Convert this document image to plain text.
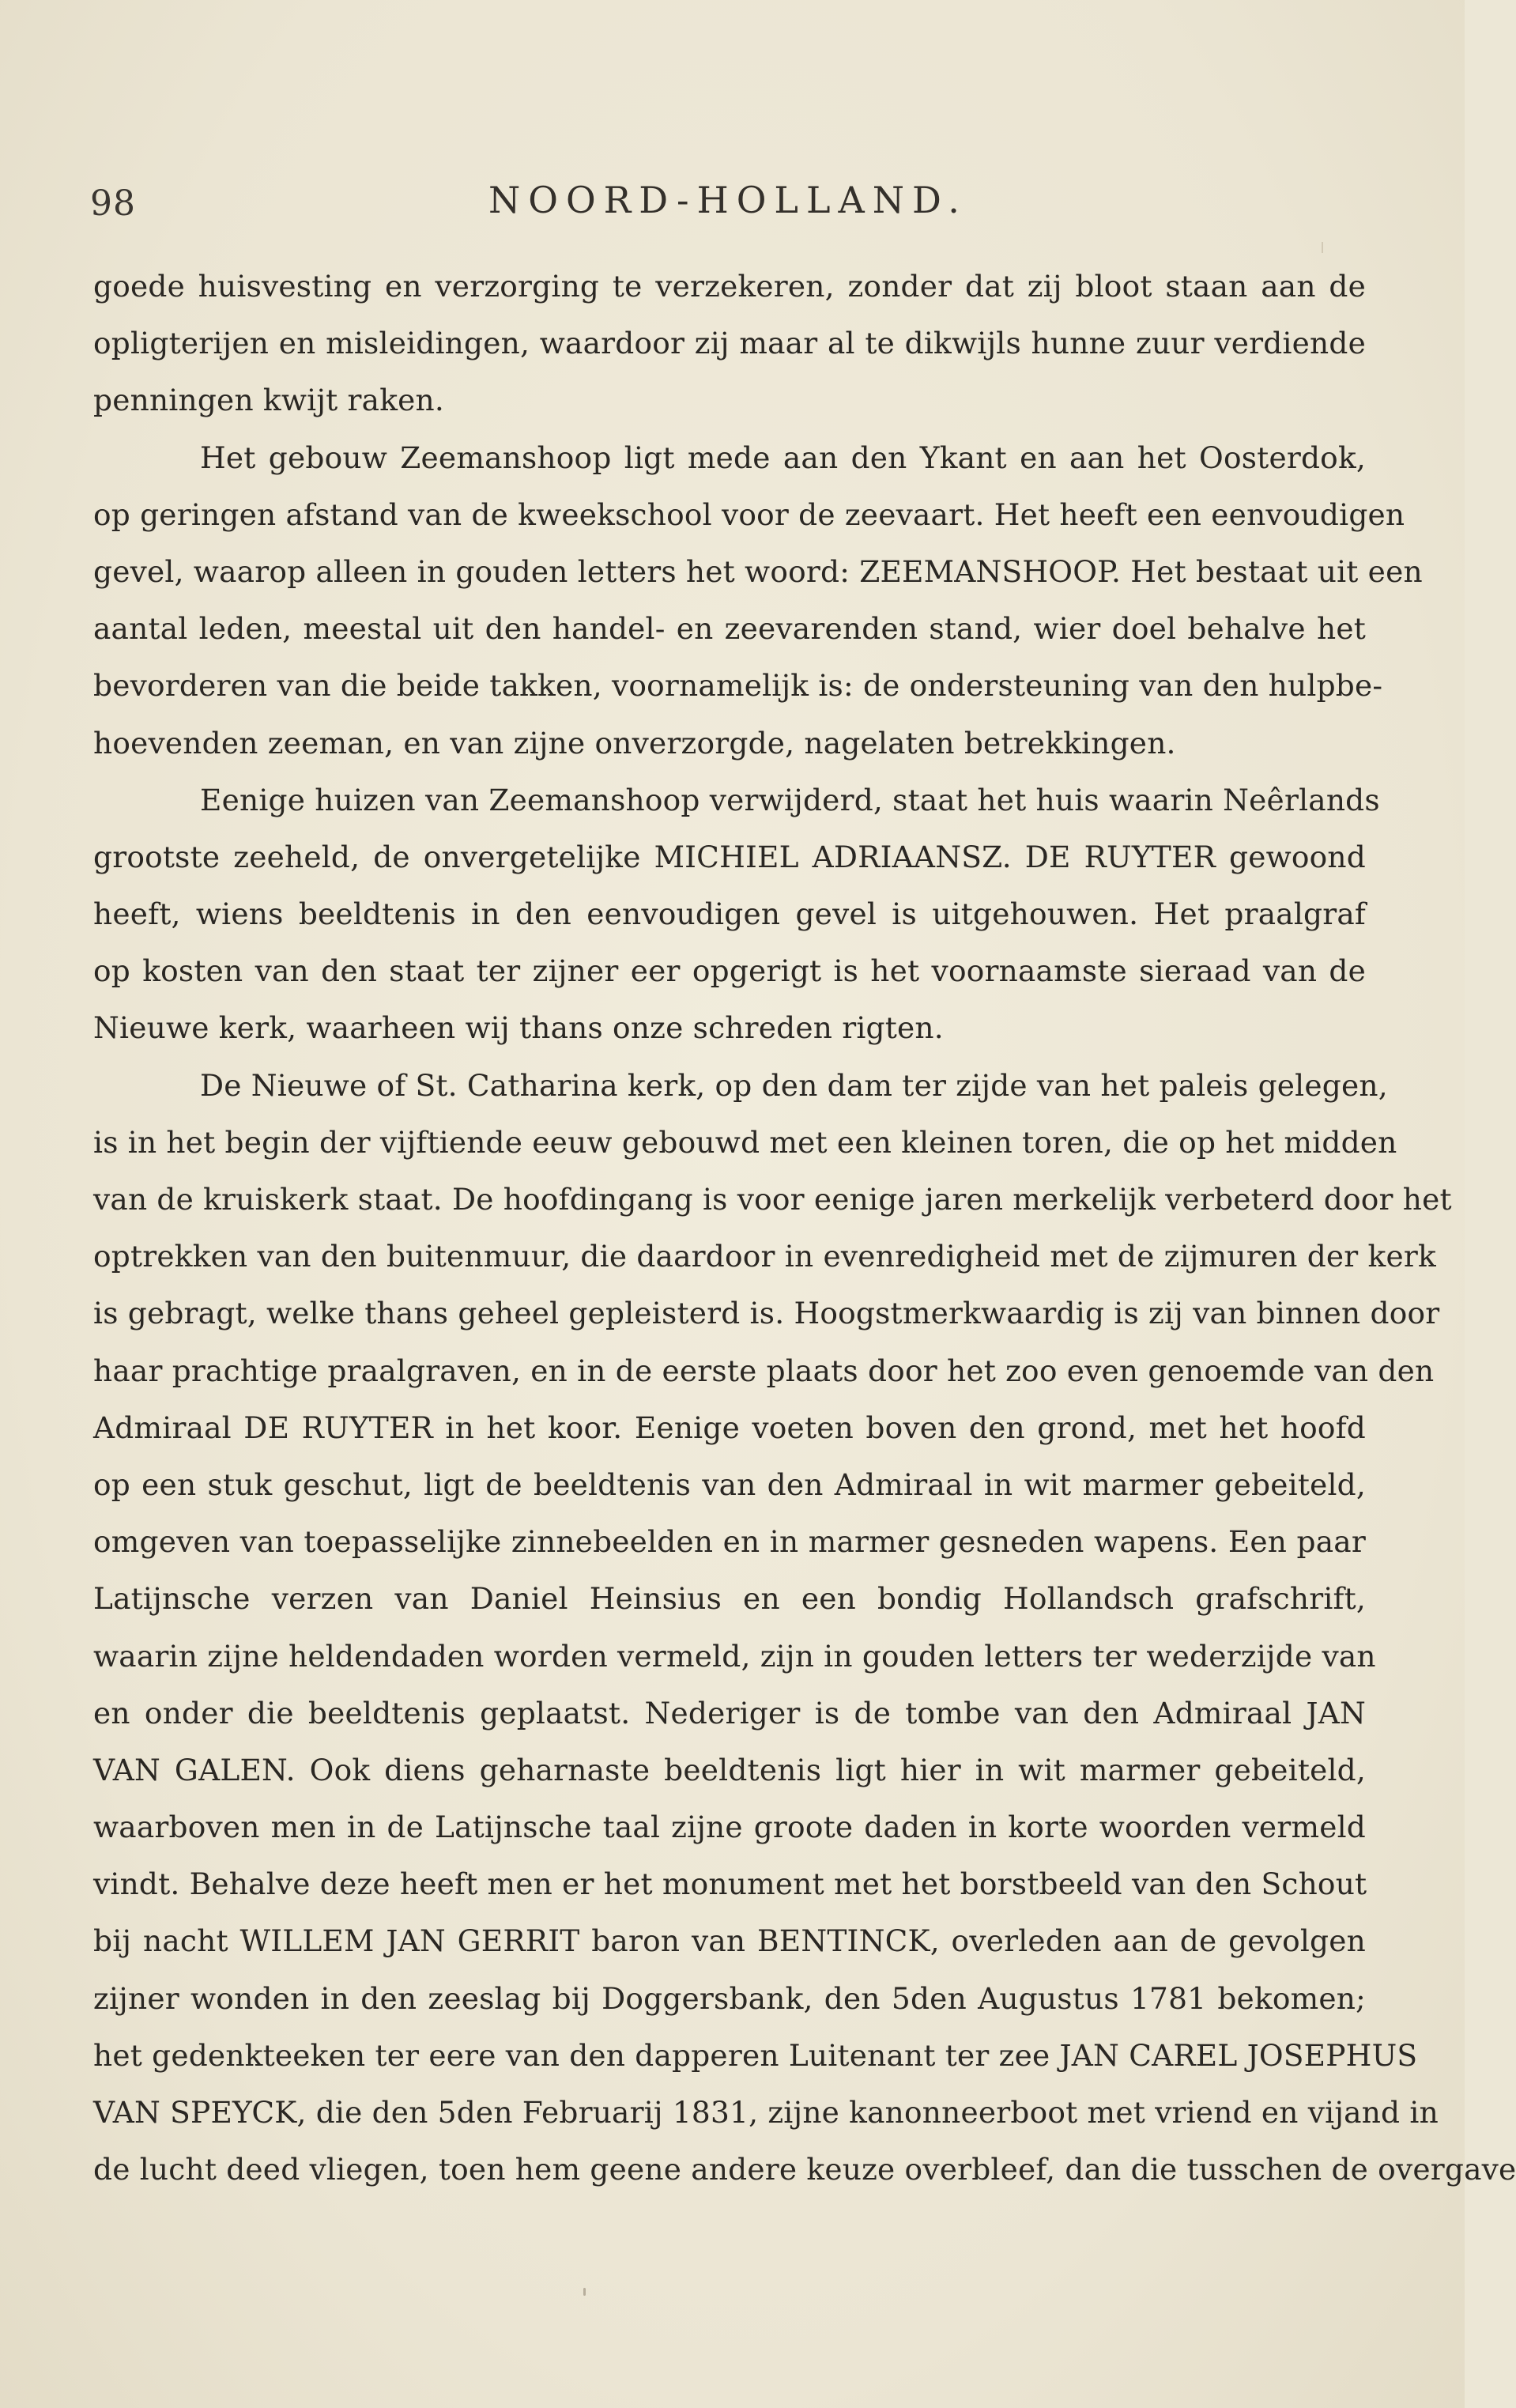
98	NOORD-HOLLAND.
goede huisvesting en verzorging te verzekeren, zonder dat zij bloot staan aan de
opligterijen en misleidingen, waardoor zij maar al te dikwijls hunne zuur verdiende
penningen kwijt raken.
Het gebouw Zeemanshoop ligt mede aan den Ykant en aan het Oosterdok,
op geringen afstand van de kweekschool voor de zeevaart. Het heeft een eenvoudigen
gevel, waarop alleen in gouden letters het woord: ZEEMANSHOOP. Het bestaat uit een
aantal leden, meestal uit den handel- en zeevarenden stand, wier doel behalve het
bevorderen van die beide takken, voornamelijk is: de ondersteuning van den hulpbe-
hoevenden zeeman, en van zijne onverzorgde, nagelaten betrekkingen.
Eenige huizen van Zeemanshoop verwijderd, staat het huis waarin Neêrlands
grootste zeeheld, de onvergetelijke MICHIEL ADRIAANSZ. DE RUYTER gewoond
heeft, wiens beeldtenis in den eenvoudigen gevel is uitgehouwen. Het praalgraf
op kosten van den staat ter zijner eer opgerigt is het voornaamste sieraad van de
Nieuwe kerk, waarheen wij thans onze schreden rigten.
De Nieuwe of St. Catharina kerk, op den dam ter zijde van het paleis gelegen,
is in het begin der vijftiende eeuw gebouwd met een kleinen toren, die op het midden
van de kruiskerk staat. De hoofdingang is voor eenige jaren merkelijk verbeterd door het
optrekken van den buitenmuur, die daardoor in evenredigheid met de zijmuren der kerk
is gebragt, welke thans geheel gepleisterd is. Hoogstmerkwaardig is zij van binnen door
haar prachtige praalgraven, en in de eerste plaats door het zoo even genoemde van den
Admiraal DE RUYTER in het koor. Eenige voeten boven den grond, met het hoofd
op een stuk geschut, ligt de beeldtenis van den Admiraal in wit marmer gebeiteld,
omgeven van toepasselijke zinnebeelden en in marmer gesneden wapens. Een paar
Latijnsche verzen van Daniel Heinsius en een bondig Hollandsch grafschrift,
waarin zijne heldendaden worden vermeld, zijn in gouden letters ter wederzijde van
en onder die beeldtenis geplaatst. Nederiger is de tombe van den Admiraal JAN
VAN GALEN. Ook diens geharnaste beeldtenis ligt hier in wit marmer gebeiteld,
waarboven men in de Latijnsche taal zijne groote daden in korte woorden vermeld
vindt. Behalve deze heeft men er het monument met het borstbeeld van den Schout
bij nacht WILLEM JAN GERRIT baron van BENTINCK, overleden aan de gevolgen
zijner wonden in den zeeslag bij Doggersbank, den 5den Augustus 1781 bekomen;
het gedenkteeken ter eere van den dapperen Luitenant ter zee JAN CAREL JOSEPHUS
VAN SPEYCK, die den 5den Februarij 1831, zijne kanonneerboot met vriend en vijand in
de lucht deed vliegen, toen hem geene andere keuze overbleef, dan die tusschen de overgave
